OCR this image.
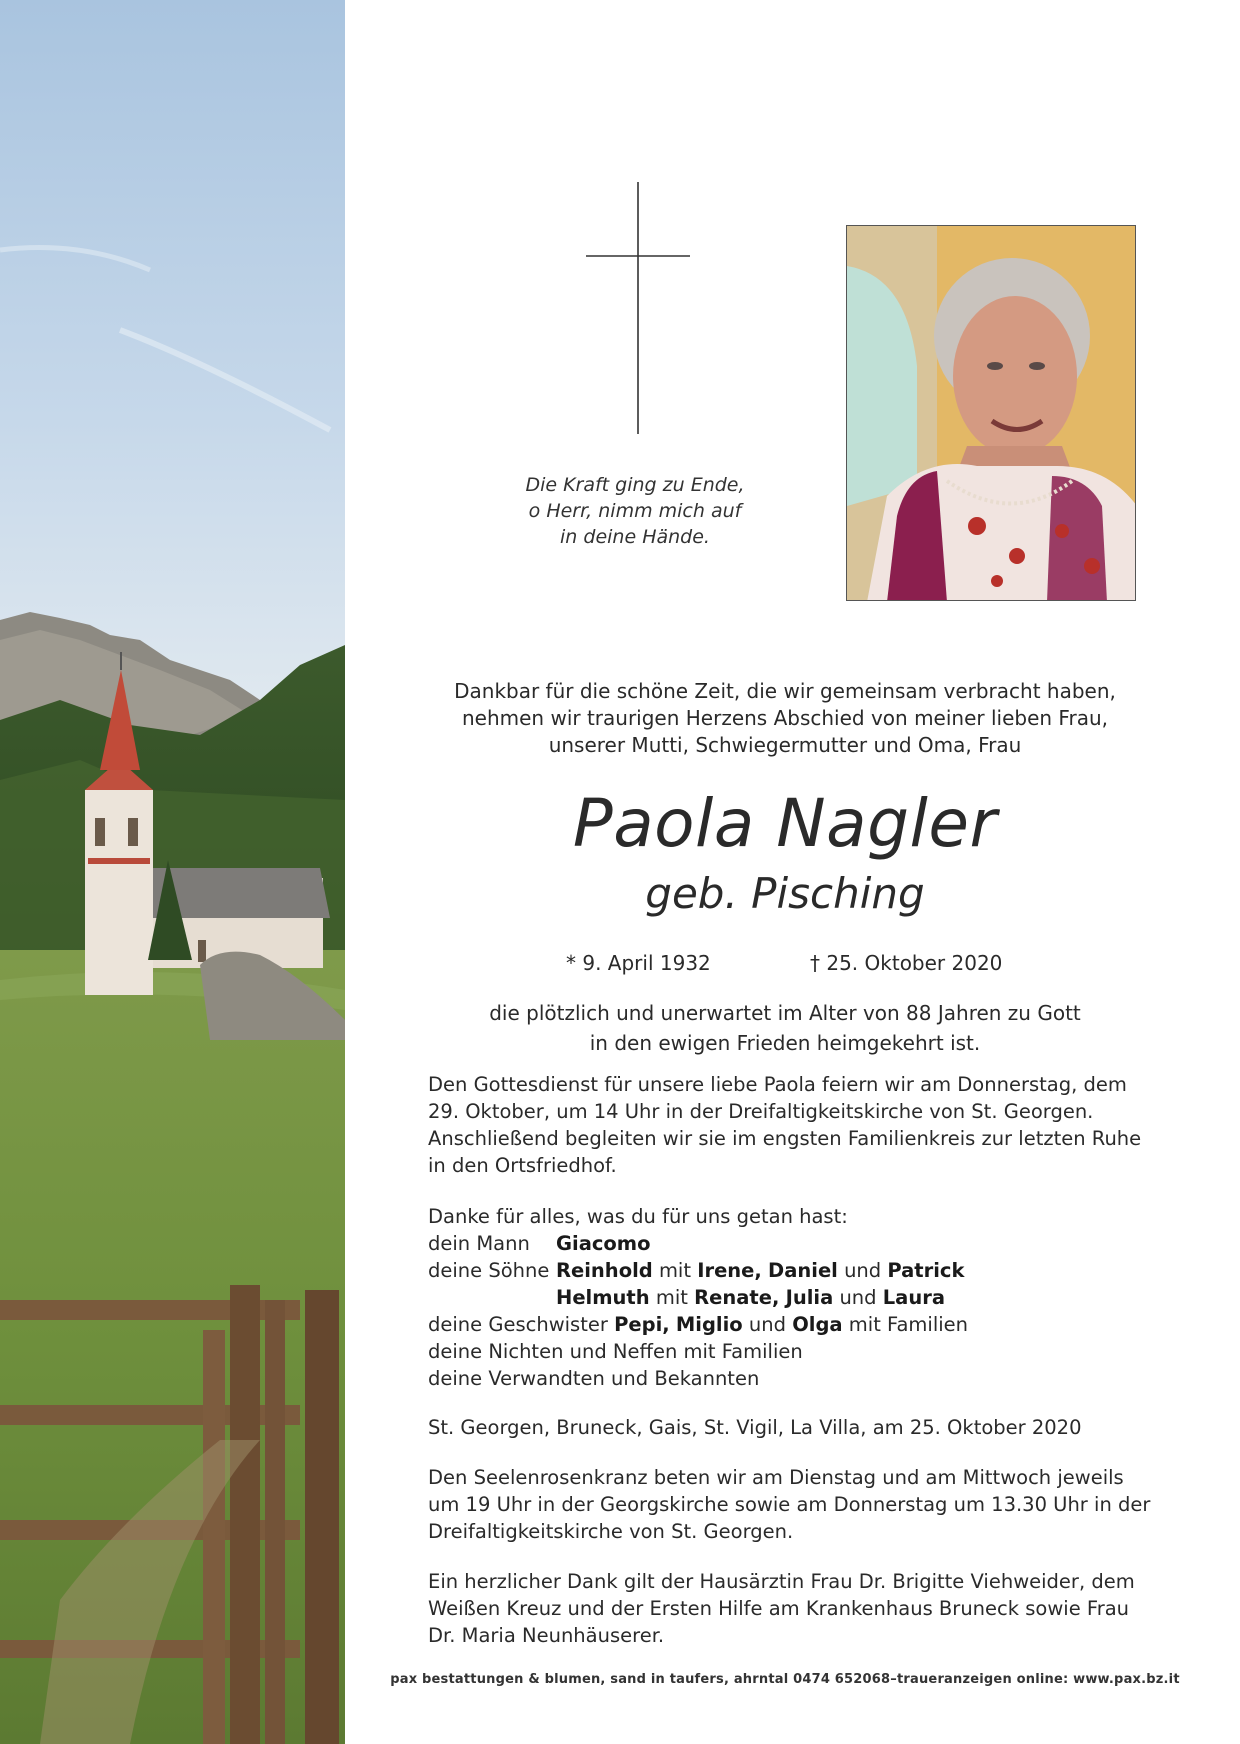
Die Kraft ging zu Ende,
o Herr, nimm mich auf
in deine Hände.
Dankbar für die schöne Zeit, die wir gemeinsam verbracht haben,
nehmen wir traurigen Herzens Abschied von meiner lieben Frau,
unserer Mutti, Schwiegermutter und Oma, Frau
Paola Nagler
geb. Pisching
* 9. April 1932	† 25. Oktober 2020
die plötzlich und unerwartet im Alter von 88 Jahren zu Gott
in den ewigen Frieden heimgekehrt ist.
Den Gottesdienst für unsere liebe Paola feiern wir am Donnerstag, dem
29. Oktober, um 14 Uhr in der Dreifaltigkeitskirche von St. Georgen.
Anschließend begleiten wir sie im engsten Familienkreis zur letzten Ruhe
in den Ortsfriedhof.
Danke für alles, was du für uns getan hast:
dein Mann Giacomo
deine Söhne Reinhold mit Irene, Daniel und Patrick
Helmuth mit Renate, Julia und Laura
deine Geschwister Pepi, Miglio und Olga mit Familien
deine Nichten und Neffen mit Familien
deine Verwandten und Bekannten
St. Georgen, Bruneck, Gais, St. Vigil, La Villa, am 25. Oktober 2020
Den Seelenrosenkranz beten wir am Dienstag und am Mittwoch jeweils
um 19 Uhr in der Georgskirche sowie am Donnerstag um 13.30 Uhr in der
Dreifaltigkeitskirche von St. Georgen.
Ein herzlicher Dank gilt der Hausärztin Frau Dr. Brigitte Viehweider, dem
Weißen Kreuz und der Ersten Hilfe am Krankenhaus Bruneck sowie Frau
Dr. Maria Neunhäuserer.
pax bestattungen & blumen, sand in taufers, ahrntal 0474 652068–traueranzeigen online: www.pax.bz.it
